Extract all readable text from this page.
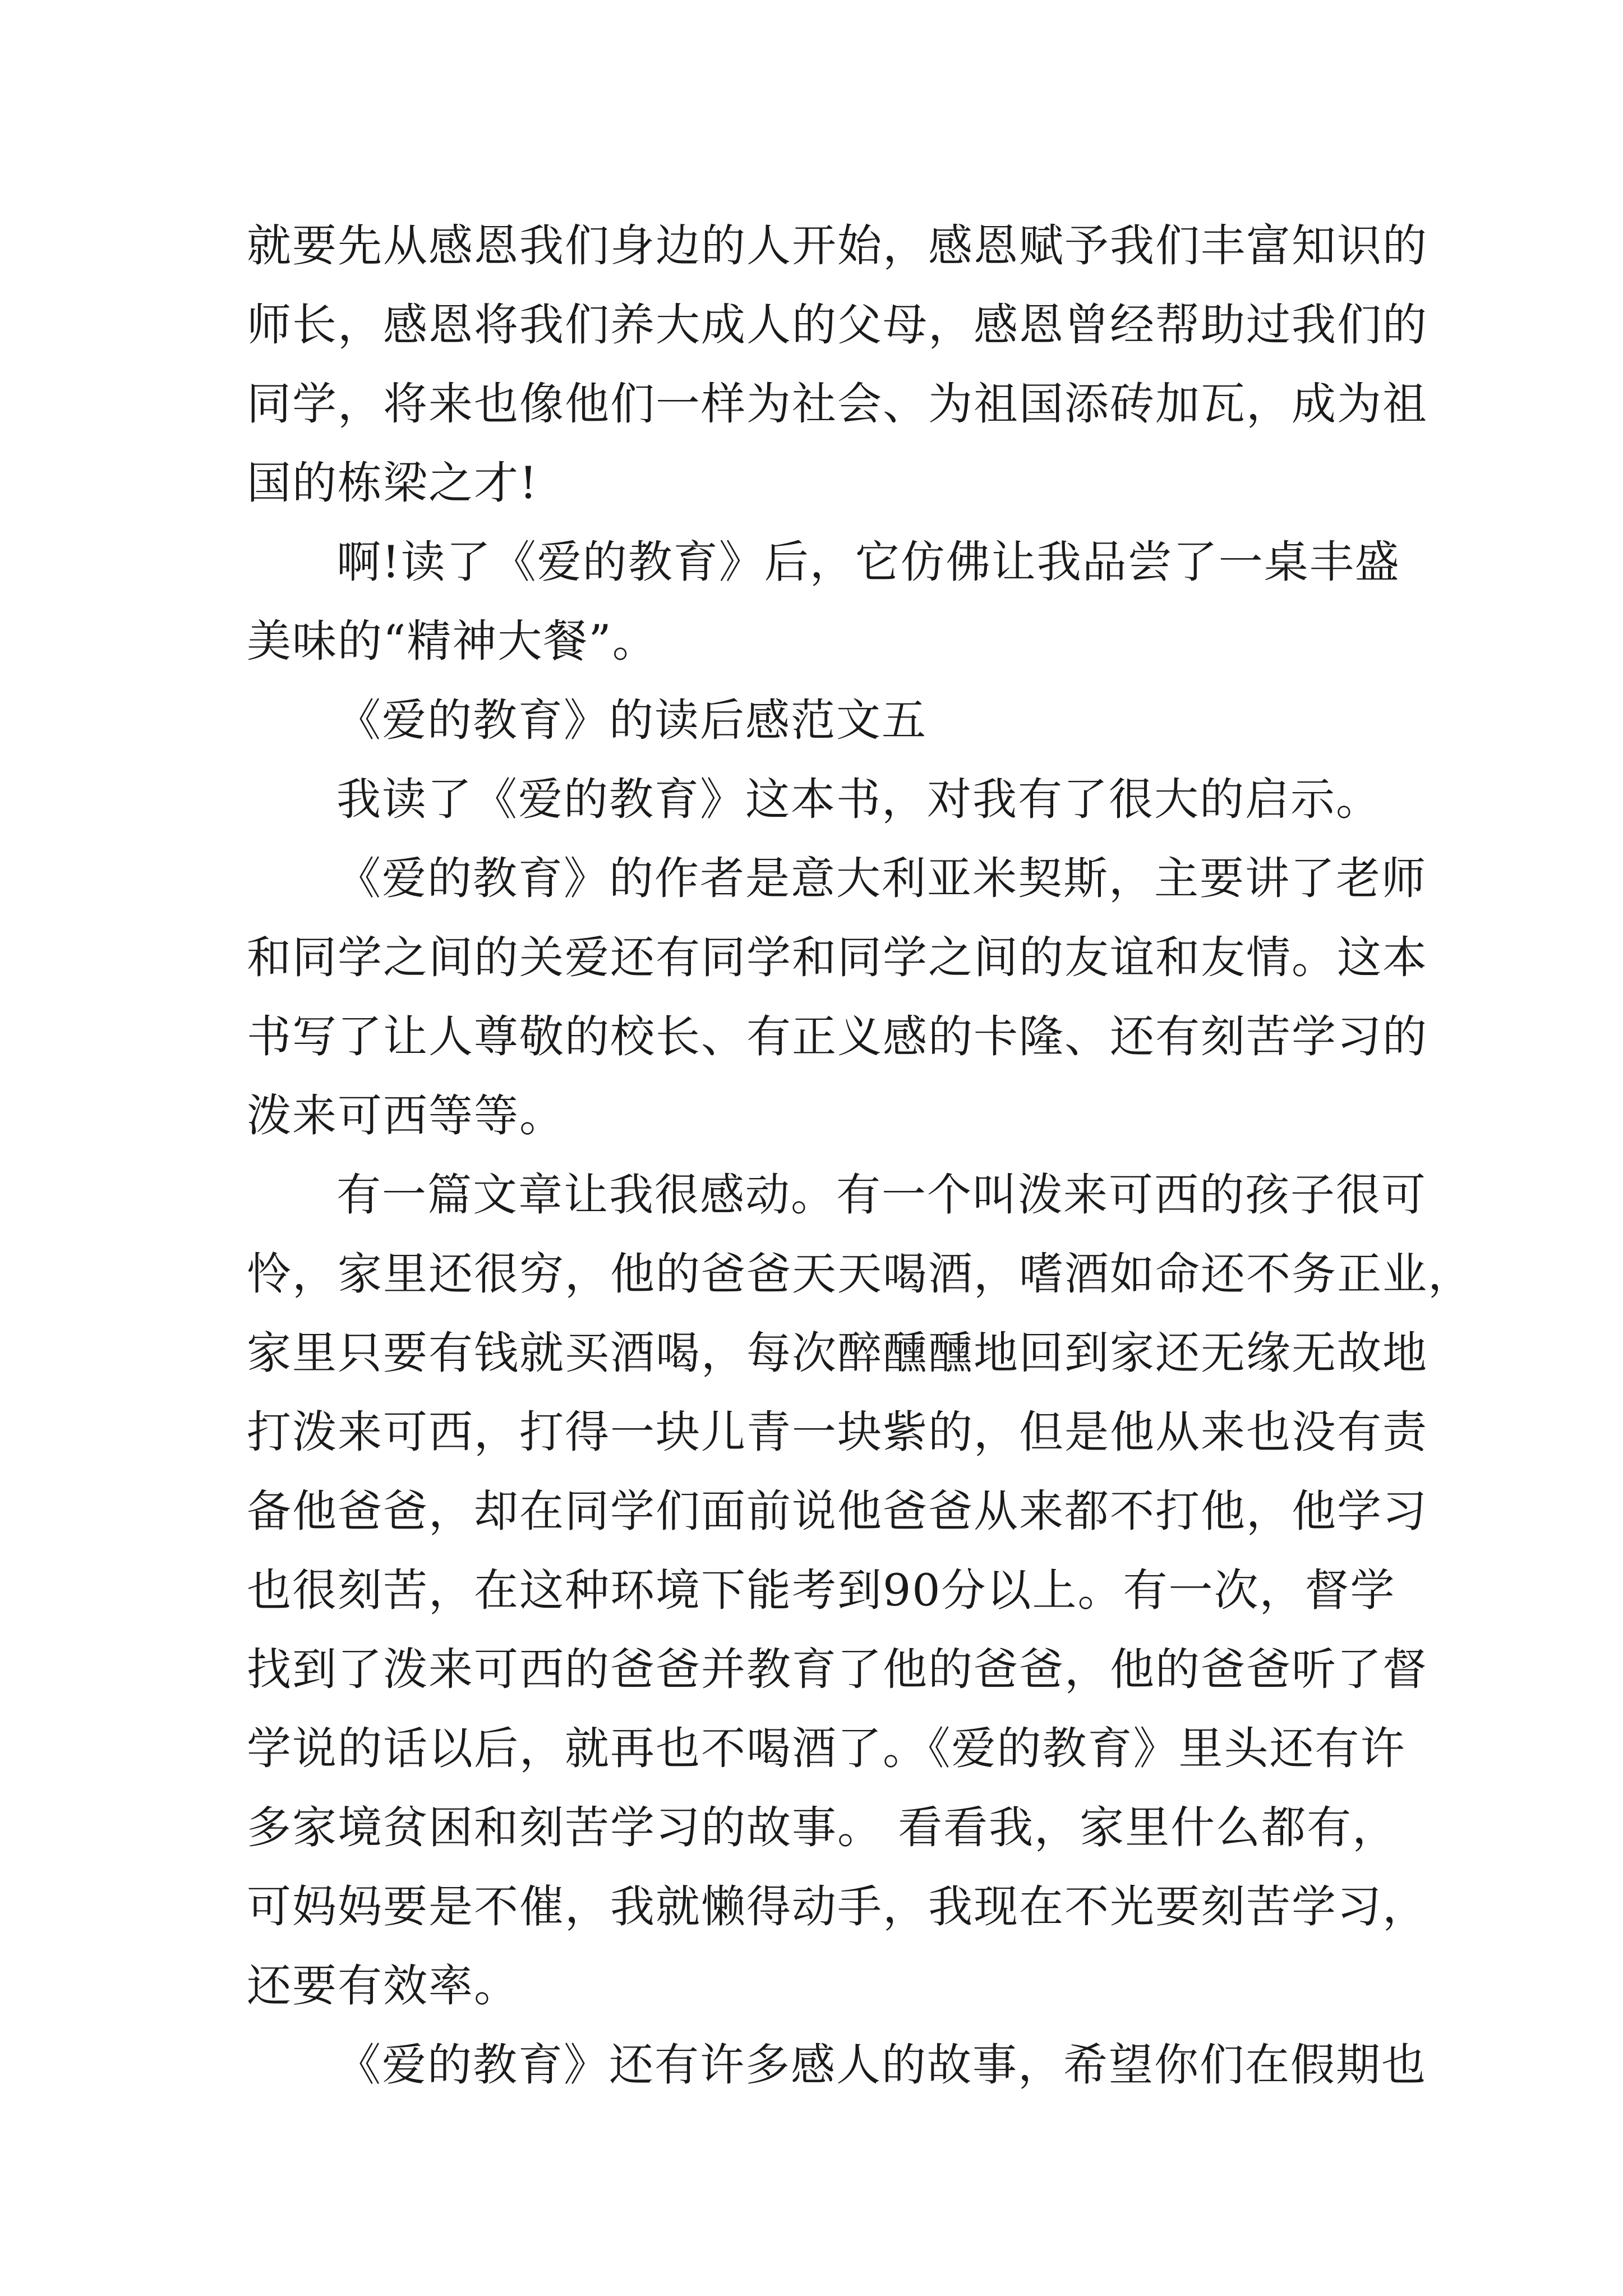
就要先从感恩我们身边的人开始，感恩赋予我们丰富知识的
师长，感恩将我们养大成人的父母，感恩曾经帮助过我们的
同学，将来也像他们一样为社会、为祖国添砖加瓦，成为祖
国的栋梁之才!
啊!读了《爱的教育》后，它仿佛让我品尝了一桌丰盛
美味的“精神大餐”。
《爱的教育》的读后感范文五
我读了《爱的教育》这本书，对我有了很大的启示。
《爱的教育》的作者是意大利亚米契斯，主要讲了老师
和同学之间的关爱还有同学和同学之间的友谊和友情。这本
书写了让人尊敬的校长、有正义感的卡隆、还有刻苦学习的
泼来可西等等。
有一篇文章让我很感动。有一个叫泼来可西的孩子很可
怜，家里还很穷，他的爸爸天天喝酒，嗜酒如命还不务正业，
家里只要有钱就买酒喝，每次醉醺醺地回到家还无缘无故地
打泼来可西，打得一块儿青一块紫的，但是他从来也没有责
备他爸爸，却在同学们面前说他爸爸从来都不打他，他学习
也很刻苦，在这种环境下能考到90分以上。有一次，督学
找到了泼来可西的爸爸并教育了他的爸爸，他的爸爸听了督
学说的话以后，就再也不喝酒了。《爱的教育》里头还有许
多家境贫困和刻苦学习的故事。 看看我，家里什么都有，
可妈妈要是不催，我就懒得动手，我现在不光要刻苦学习，
还要有效率。
《爱的教育》还有许多感人的故事，希望你们在假期也
